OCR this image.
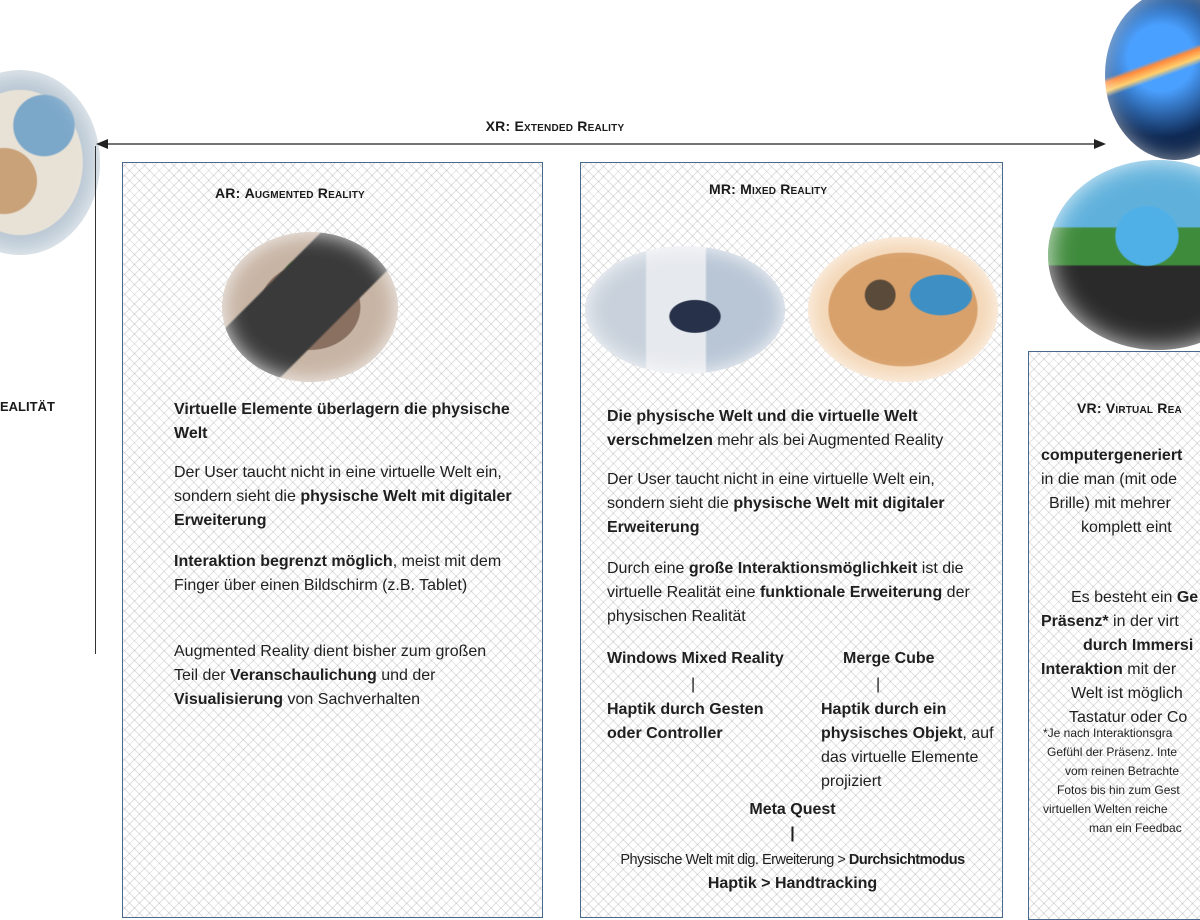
XR: Extended Reality
EALITÄT
AR: Augmented Reality
Virtuelle Elemente überlagern die physische Welt
Der User taucht nicht in eine virtuelle Welt ein, sondern sieht die physische Welt mit digitaler Erweiterung
Interaktion begrenzt möglich, meist mit dem Finger über einen Bildschirm (z.B. Tablet)
Augmented Reality dient bisher zum großen Teil der Veranschaulichung und der Visualisierung von Sachverhalten
MR: Mixed Reality
Die physische Welt und die virtuelle Welt verschmelzen mehr als bei Augmented Reality
Der User taucht nicht in eine virtuelle Welt ein, sondern sieht die physische Welt mit digitaler Erweiterung
Durch eine große Interaktionsmöglichkeit ist die virtuelle Realität eine funktionale Erweiterung der physischen Realität
Windows Mixed Reality	Merge Cube
|	|
Haptik durch Gesten oder Controller
Haptik durch ein physisches Objekt, auf das virtuelle Elemente projiziert
Meta Quest
|
Physische Welt mit dig. Erweiterung > Durchsichtmodus
Haptik > Handtracking
VR: Virtual Rea
computergeneriert
in die man (mit ode
Brille) mit mehrer
komplett eint
Es besteht ein Ge
Präsenz* in der virt
durch Immersi
Interaktion mit der
Welt ist möglich
Tastatur oder Co
*Je nach Interaktionsgra
Gefühl der Präsenz. Inte
vom reinen Betrachte
Fotos bis hin zum Gest
virtuellen Welten reiche
man ein Feedbac
